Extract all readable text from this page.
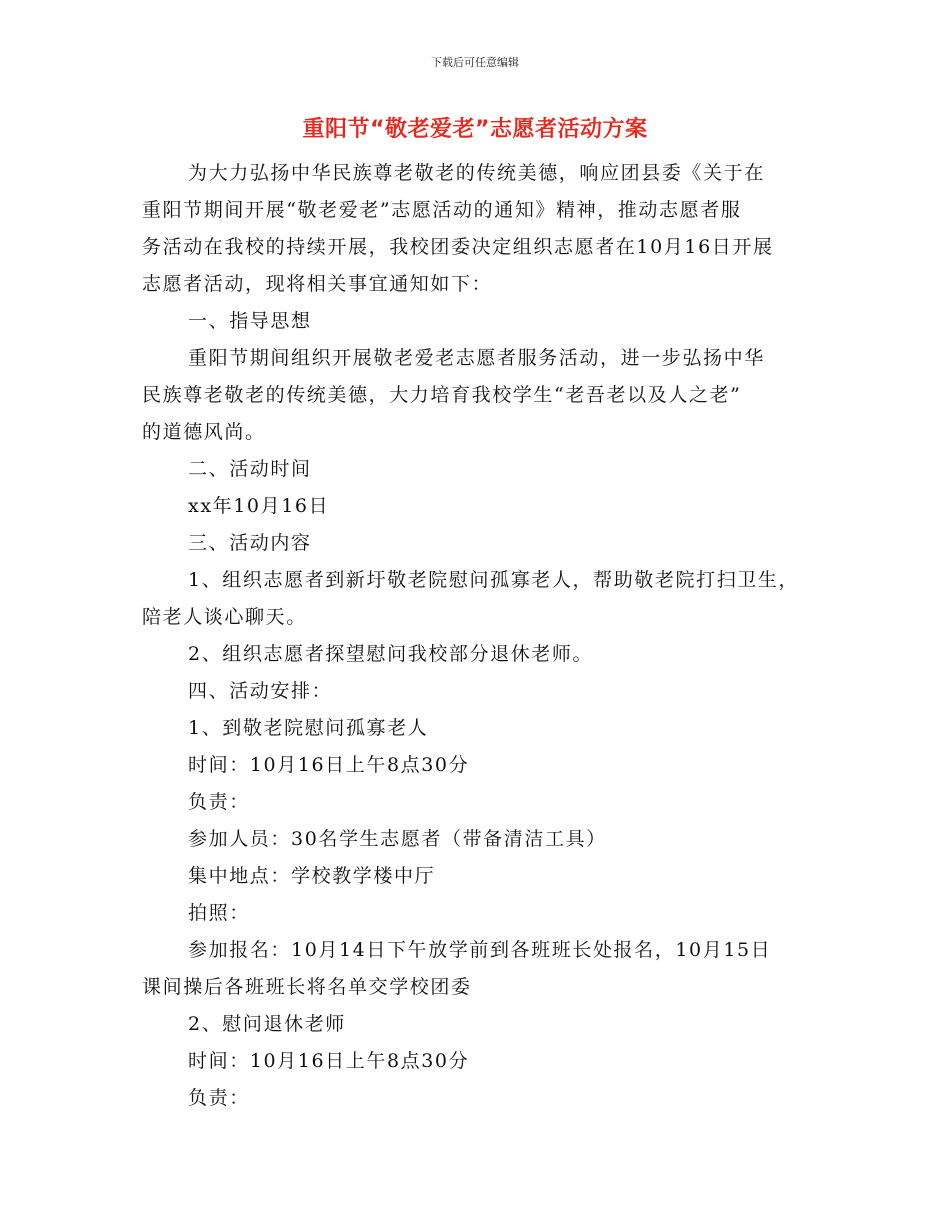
下载后可任意编辑
重阳节“敬老爱老”志愿者活动方案
为大力弘扬中华民族尊老敬老的传统美德，响应团县委《关于在
重阳节期间开展“敬老爱老”志愿活动的通知》精神，推动志愿者服
务活动在我校的持续开展，我校团委决定组织志愿者在10月16日开展
志愿者活动，现将相关事宜通知如下：
一、指导思想
重阳节期间组织开展敬老爱老志愿者服务活动，进一步弘扬中华
民族尊老敬老的传统美德，大力培育我校学生“老吾老以及人之老”
的道德风尚。
二、活动时间
xx年10月16日
三、活动内容
1、组织志愿者到新圩敬老院慰问孤寡老人，帮助敬老院打扫卫生，
陪老人谈心聊天。
2、组织志愿者探望慰问我校部分退休老师。
四、活动安排：
1、到敬老院慰问孤寡老人
时间：10月16日上午8点30分
负责：
参加人员：30名学生志愿者（带备清洁工具）
集中地点：学校教学楼中厅
拍照：
参加报名：10月14日下午放学前到各班班长处报名，10月15日
课间操后各班班长将名单交学校团委
2、慰问退休老师
时间：10月16日上午8点30分
负责：
